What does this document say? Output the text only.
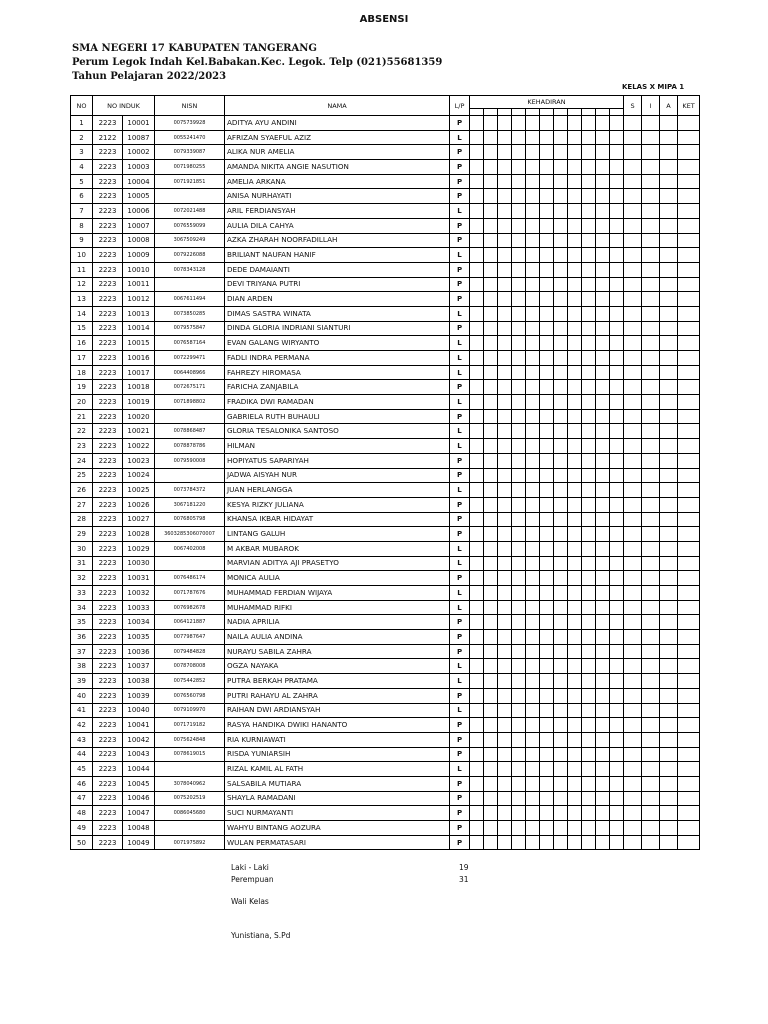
ABSENSI
SMA NEGERI 17 KABUPATEN TANGERANG
Perum Legok Indah Kel.Babakan.Kec. Legok. Telp (021)55681359
Tahun Pelajaran 2022/2023
KELAS X MIPA 1
NO	NO INDUK		NISN	NAMA	L/P	KEHADIRAN											S	I	A	KET

1	2223	10001	0075739928	ADITYA AYU ANDINI	P															
2	2122	10087	0055241470	AFRIZAN SYAEFUL AZIZ	L															
3	2223	10002	0079339087	ALIKA NUR AMELIA	P															
4	2223	10003	0071980255	AMANDA NIKITA ANGIE NASUTION	P															
5	2223	10004	0071921851	AMELIA ARKANA	P															
6	2223	10005		ANISA NURHAYATI	P															
7	2223	10006	0072021488	ARIL FERDIANSYAH	L															
8	2223	10007	0076559099	AULIA DILA CAHYA	P															
9	2223	10008	3067509249	AZKA ZHARAH NOORFADILLAH	P															
10	2223	10009	0079226088	BRILIANT NAUFAN HANIF	L															
11	2223	10010	0078343128	DEDE DAMAIANTI	P															
12	2223	10011		DEVI TRIYANA PUTRI	P															
13	2223	10012	0067611494	DIAN ARDEN	P															
14	2223	10013	0073850285	DIMAS SASTRA WINATA	L															
15	2223	10014	0079575847	DINDA GLORIA INDRIANI SIANTURI	P															
16	2223	10015	0076587164	EVAN GALANG WIRYANTO	L															
17	2223	10016	0072299471	FADLI INDRA PERMANA	L															
18	2223	10017	0064408966	FAHREZY HIROMASA	L															
19	2223	10018	0072675171	FARICHA ZANJABILA	P															
20	2223	10019	0071898802	FRADIKA DWI RAMADAN	L															
21	2223	10020		GABRIELA RUTH BUHAULI	P															
22	2223	10021	0078868487	GLORIA TESALONIKA SANTOSO	L															
23	2223	10022	0078878786	HILMAN	L															
24	2223	10023	0079590008	HOPIYATUS SAPARIYAH	P															
25	2223	10024		JADWA AISYAH NUR	P															
26	2223	10025	0073784372	JUAN HERLANGGA	L															
27	2223	10026	3067181220	KESYA RIZKY JULIANA	P															
28	2223	10027	0076805798	KHANSA IKBAR HIDAYAT	P															
29	2223	10028	3603285306070007	LINTANG GALUH	P															
30	2223	10029	0067402008	M AKBAR MUBAROK	L															
31	2223	10030		MARVIAN ADITYA AJI PRASETYO	L															
32	2223	10031	0076486174	MONICA AULIA	P															
33	2223	10032	0071787676	MUHAMMAD FERDIAN WIJAYA	L															
34	2223	10033	0076982678	MUHAMMAD RIFKI	L															
35	2223	10034	0064121887	NADIA APRILIA	P															
36	2223	10035	0077987647	NAILA AULIA ANDINA	P															
37	2223	10036	0079484828	NURAYU SABILA ZAHRA	P															
38	2223	10037	0078708008	OGZA NAYAKA	L															
39	2223	10038	0075442852	PUTRA BERKAH PRATAMA	L															
40	2223	10039	0076560798	PUTRI RAHAYU AL ZAHRA	P															
41	2223	10040	0079109970	RAIHAN DWI ARDIANSYAH	L															
42	2223	10041	0071719182	RASYA HANDIKA DWIKI HANANTO	P															
43	2223	10042	0075624848	RIA KURNIAWATI	P															
44	2223	10043	0078619015	RISDA YUNIARSIH	P															
45	2223	10044		RIZAL KAMIL AL FATH	L															
46	2223	10045	3078040962	SALSABILA MUTIARA	P															
47	2223	10046	0075202519	SHAYLA RAMADANI	P															
48	2223	10047	0086045680	SUCI NURMAYANTI	P															
49	2223	10048		WAHYU BINTANG AOZURA	P															
50	2223	10049	0071975892	WULAN PERMATASARI	P															
Laki - Laki	19
Perempuan	31
Wali Kelas
Yunistiana, S.Pd
